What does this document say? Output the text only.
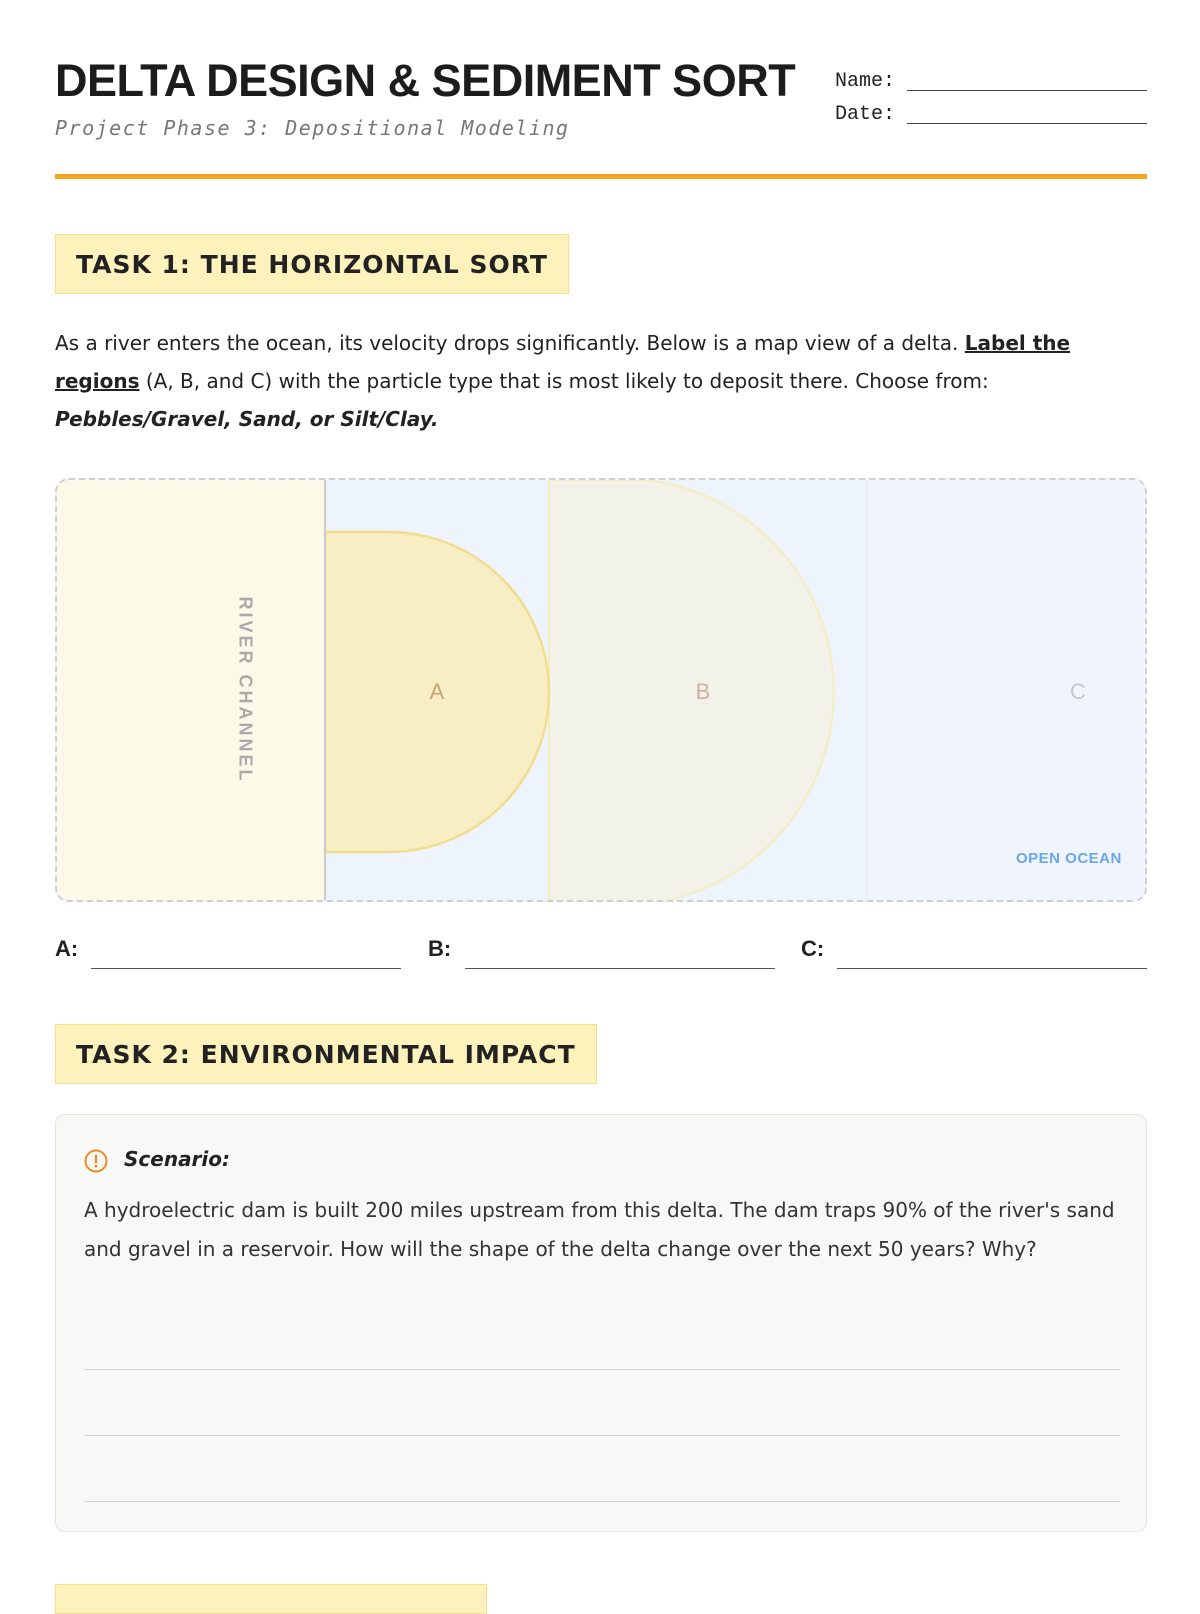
DELTA DESIGN & SEDIMENT SORT
Project Phase 3: Depositional Modeling
Name:
Date:
TASK 1: THE HORIZONTAL SORT
As a river enters the ocean, its velocity drops significantly. Below is a map view of a delta. Label the regions (A, B, and C) with the particle type that is most likely to deposit there. Choose from:
Pebbles/Gravel, Sand, or Silt/Clay.
RIVER CHANNEL	A	B	C
OPEN OCEAN
A:	B:	C:
TASK 2: ENVIRONMENTAL IMPACT
Scenario:
A hydroelectric dam is built 200 miles upstream from this delta. The dam traps 90% of the river's sand and gravel in a reservoir. How will the shape of the delta change over the next 50 years? Why?
